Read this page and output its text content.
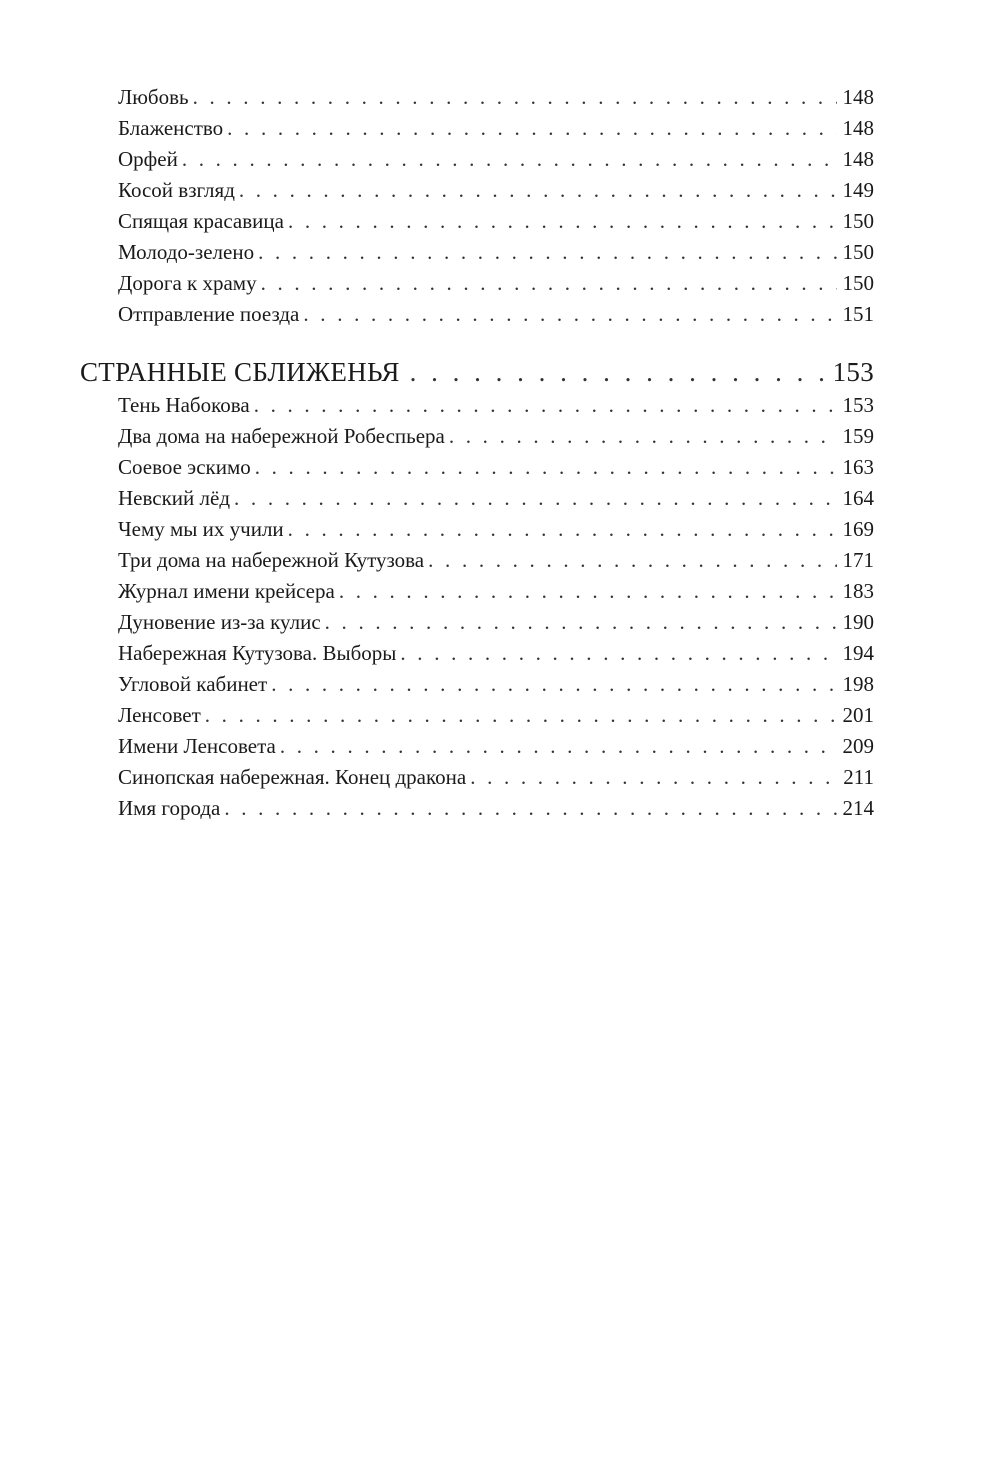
Любовь . . .	148
Блаженство . . .	148
Орфей . . .	148
Косой взгляд . . .	149
Спящая красавица . . .	150
Молодо-зелено . . .	150
Дорога к храму . . .	150
Отправление поезда . . .	151
СТРАННЫЕ СБЛИЖЕНЬЯ . . .	153
Тень Набокова . . .	153
Два дома на набережной Робеспьера . . .	159
Соевое эскимо . . .	163
Невский лёд . . .	164
Чему мы их учили . . .	169
Три дома на набережной Кутузова . . .	171
Журнал имени крейсера . . .	183
Дуновение из-за кулис . . .	190
Набережная Кутузова. Выборы . . .	194
Угловой кабинет . . .	198
Ленсовет . . .	201
Имени Ленсовета . . .	209
Синопская набережная. Конец дракона . . .	211
Имя города . . .	214
